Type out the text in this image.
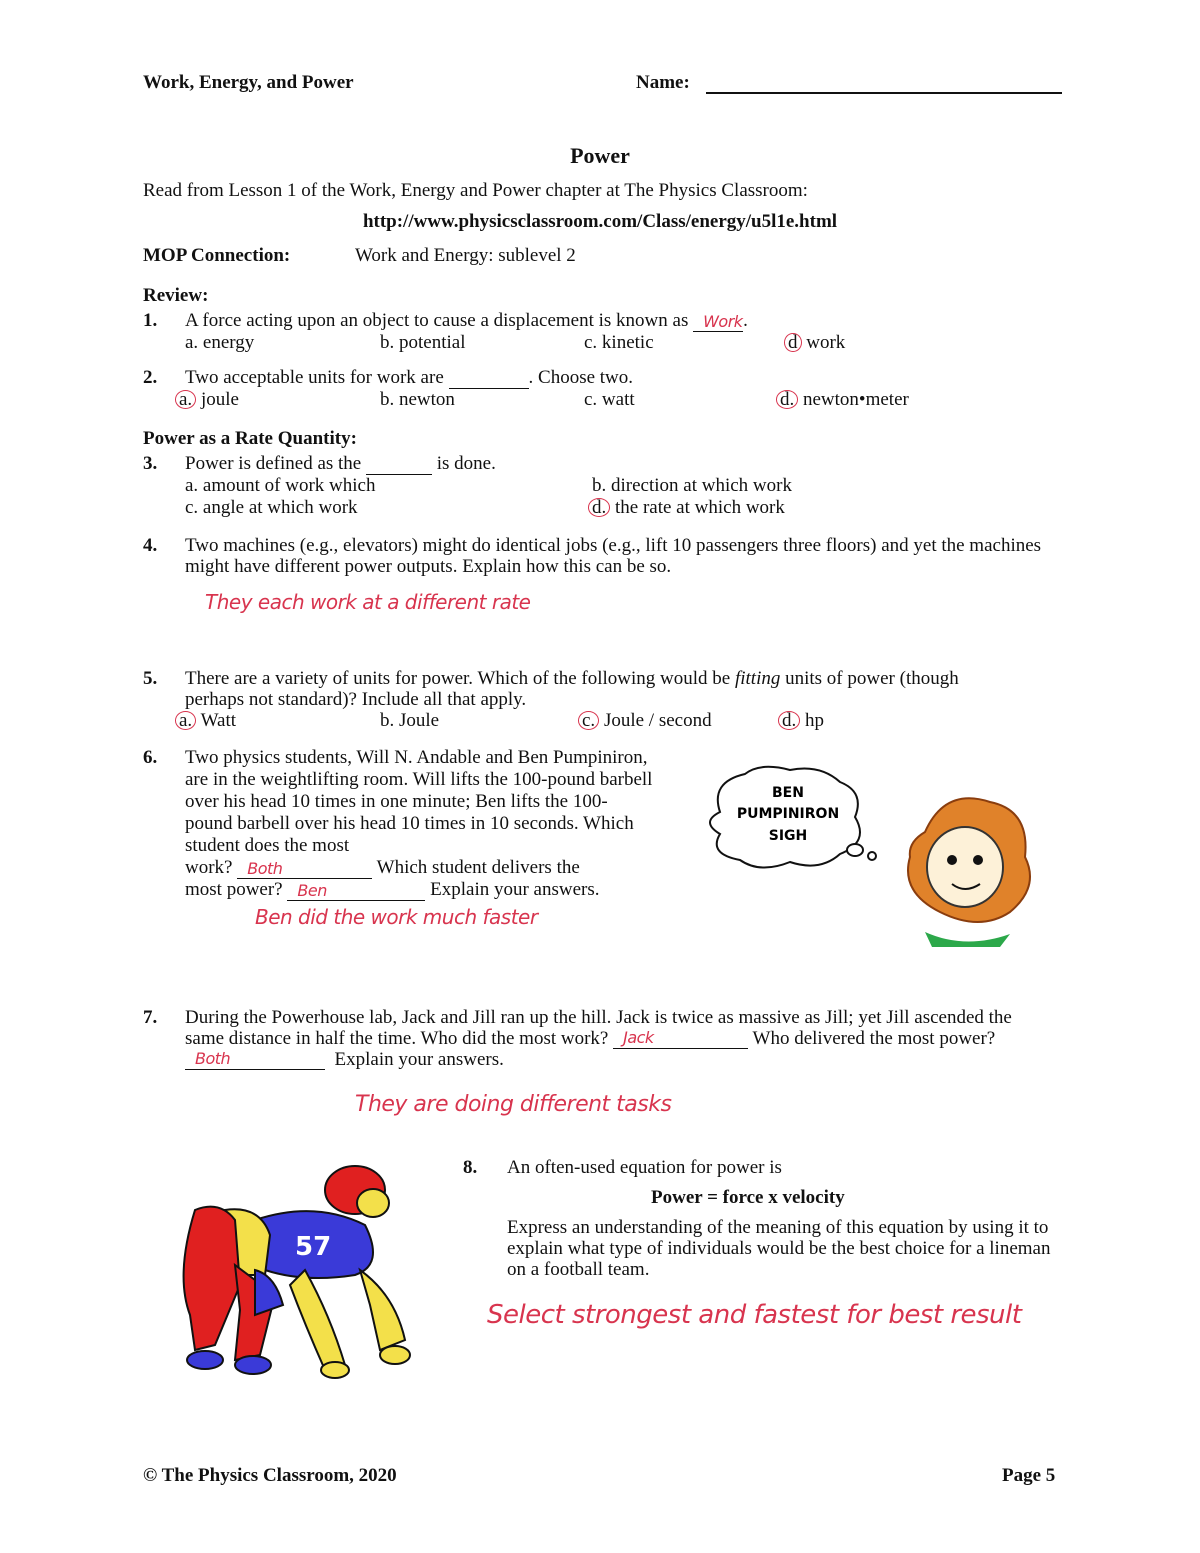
Work, Energy, and Power	Name:
Power
Read from Lesson 1 of the Work, Energy and Power chapter at The Physics Classroom:
http://www.physicsclassroom.com/Class/energy/u5l1e.html
MOP Connection:	Work and Energy: sublevel 2
Review:
1. A force acting upon an object to cause a displacement is known as Work .
a. energy	b. potential	c. kinetic	d work
2. Two acceptable units for work are	. Choose two.
a. joule	b. newton	c. watt	d. newton•meter
Power as a Rate Quantity:
3. Power is defined as the	is done.
a. amount of work which	b. direction at which work
c. angle at which work	d. the rate at which work
4. Two machines (e.g., elevators) might do identical jobs (e.g., lift 10 passengers three floors) and yet the machines might have different power outputs. Explain how this can be so.
They each work at a different rate
5. There are a variety of units for power. Which of the following would be fitting units of power (though perhaps not standard)? Include all that apply.
a. Watt	b. Joule	c. Joule / second	d. hp
6. Two physics students, Will N. Andable and Ben Pumpiniron, are in the weightlifting room. Will lifts the 100-pound barbell over his head 10 times in one minute; Ben lifts the 100-pound barbell over his head 10 times in 10 seconds. Which student does the most
work? Both	Which student delivers the
most power? Ben	Explain your answers.
Ben did the work much faster
BEN
PUMPINIRON
SIGH
7. During the Powerhouse lab, Jack and Jill ran up the hill. Jack is twice as massive as Jill; yet Jill ascended the same distance in half the time. Who did the most work? Jack	Who delivered the most power?
Both	Explain your answers.
They are doing different tasks
57
8. An often-used equation for power is
Power = force x velocity
Express an understanding of the meaning of this equation by using it to explain what type of individuals would be the best choice for a lineman on a football team.
Select strongest and fastest for best result
© The Physics Classroom, 2020	Page 5
